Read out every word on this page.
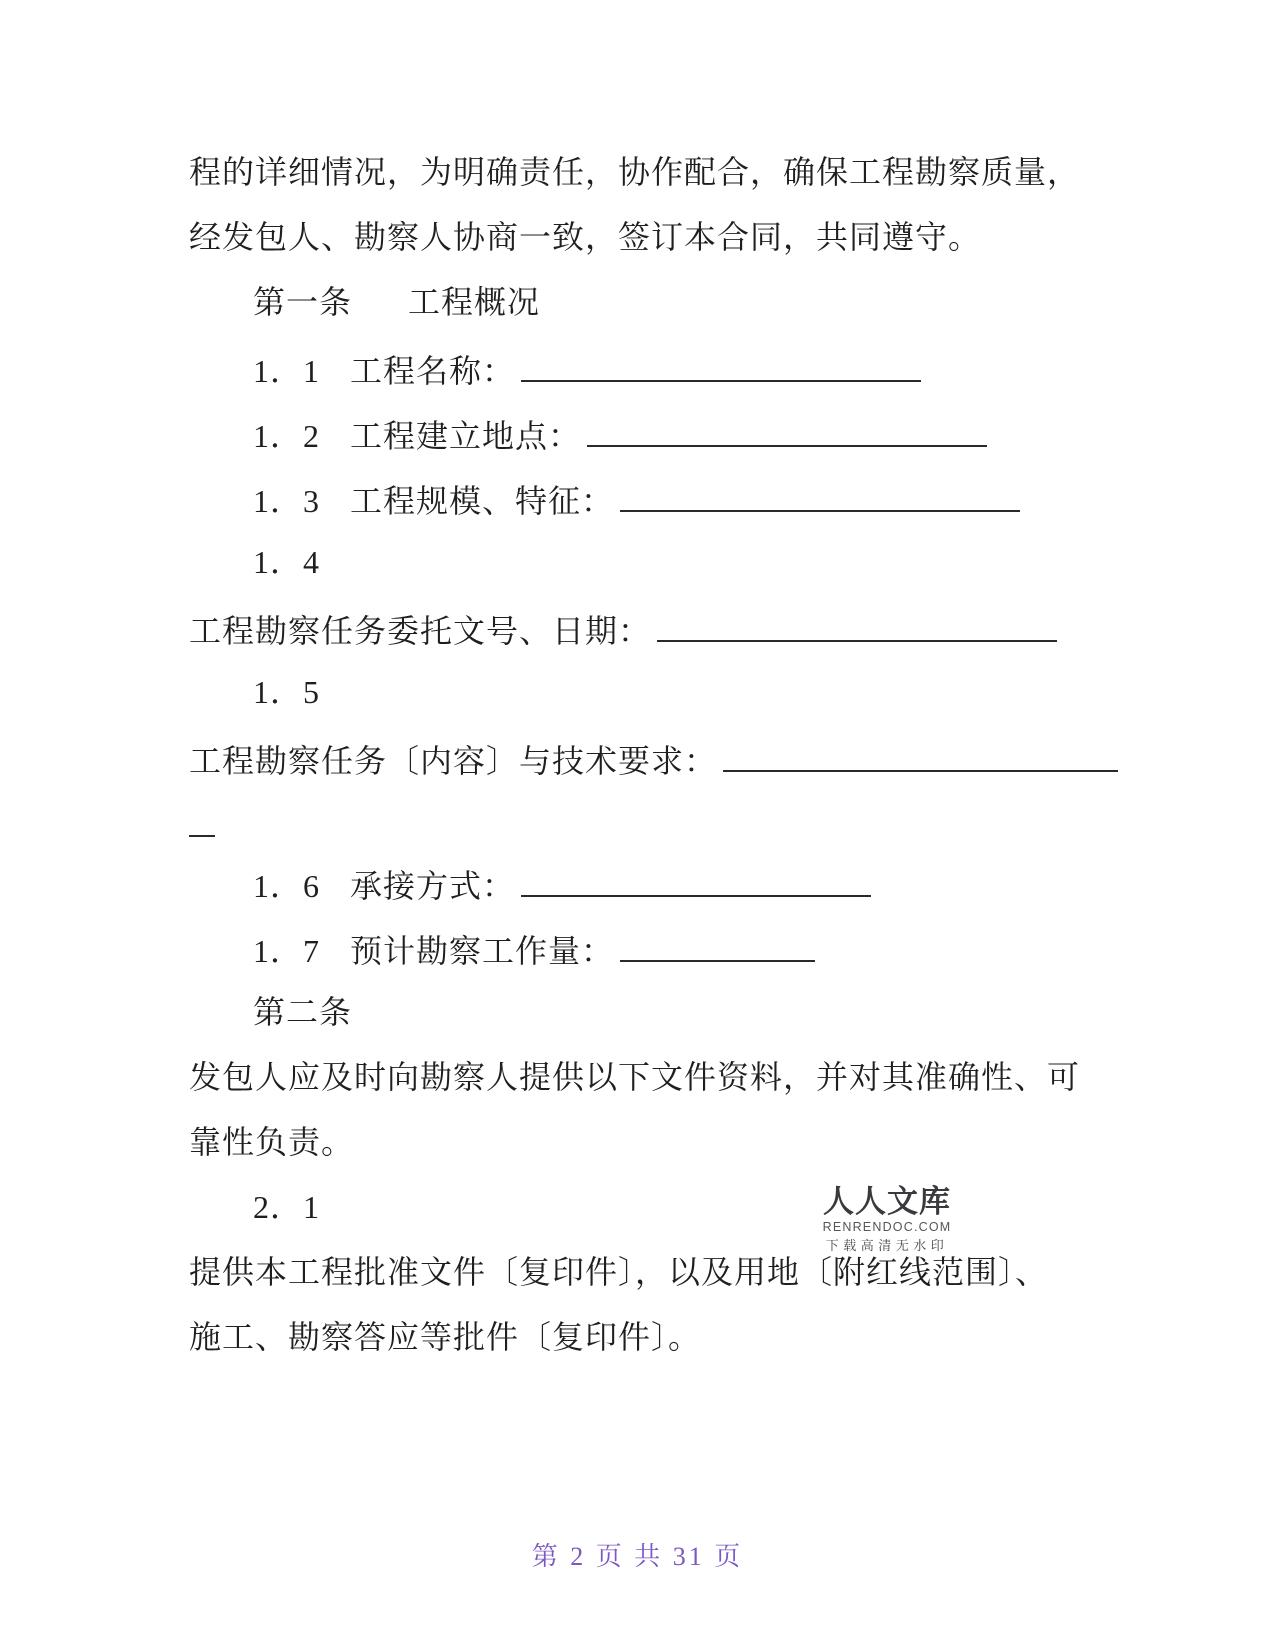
程的详细情况，为明确责任，协作配合，确保工程勘察质量，
经发包人、勘察人协商一致，签订本合同，共同遵守。
第一条 工程概况
1．1 工程名称：
1．2 工程建立地点：
1．3 工程规模、特征：
1．4
工程勘察任务委托文号、日期：
1．5
工程勘察任务〔内容〕与技术要求：
1．6 承接方式：
1．7 预计勘察工作量：
第二条
发包人应及时向勘察人提供以下文件资料，并对其准确性、可
靠性负责。
2．1
提供本工程批准文件〔复印件〕，以及用地〔附红线范围〕、
施工、勘察答应等批件〔复印件〕。
人人文库
RENRENDOC.COM
下载高清无水印
第 2 页 共 31 页
